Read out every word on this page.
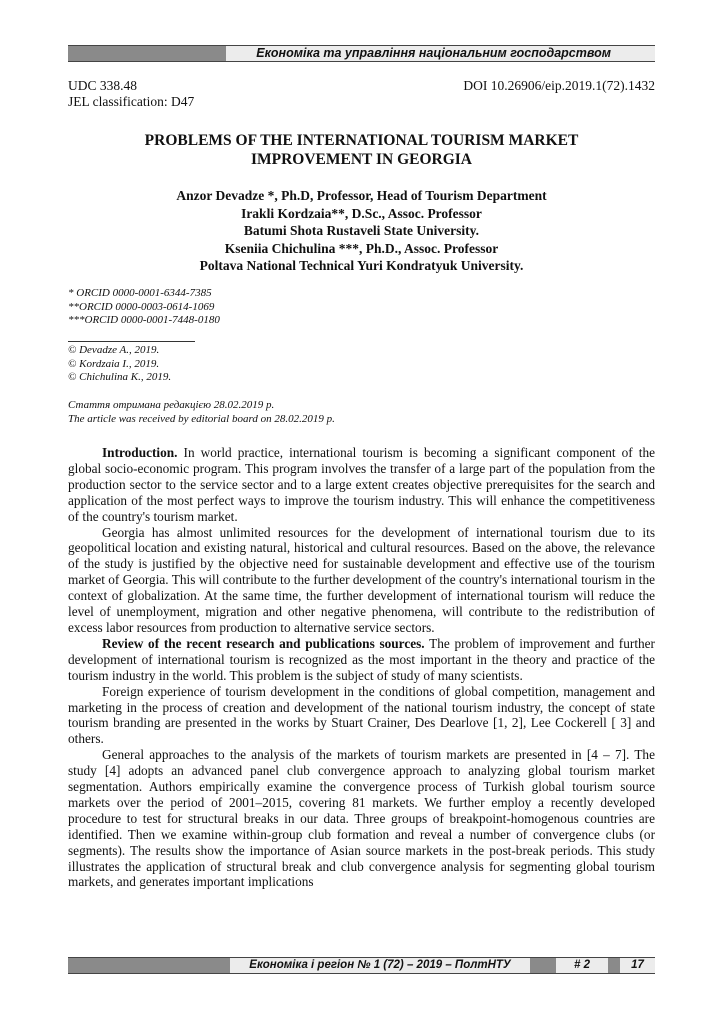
Економіка та управління національним господарством
UDC 338.48
JEL classification: D47
DOI 10.26906/eip.2019.1(72).1432
PROBLEMS OF THE INTERNATIONAL TOURISM MARKET
IMPROVEMENT IN GEORGIA
Anzor Devadze *, Ph.D, Professor, Head of Tourism Department
Irakli Kordzaia**, D.Sc., Assoc. Professor
Batumi Shota Rustaveli State University.
Kseniia Chichulina ***, Ph.D., Assoc. Professor
Poltava National Technical Yuri Kondratyuk University.
* ORCID 0000-0001-6344-7385
**ORCID 0000-0003-0614-1069
***ORCID 0000-0001-7448-0180
© Devadze A., 2019.
© Kordzaia I., 2019.
© Chichulina K., 2019.
Стаття отримана редакцією 28.02.2019 р.
The article was received by editorial board on 28.02.2019 р.

Introduction. In world practice, international tourism is becoming a significant component of the global socio-economic program. This program involves the transfer of a large part of the population from the production sector to the service sector and to a large extent creates objective prerequisites for the search and application of the most perfect ways to improve the tourism industry. This will enhance the competitiveness of the country's tourism market.

Georgia has almost unlimited resources for the development of international tourism due to its geopolitical location and existing natural, historical and cultural resources. Based on the above, the relevance of the study is justified by the objective need for sustainable development and effective use of the tourism market of Georgia. This will contribute to the further development of the country's international tourism in the context of globalization. At the same time, the further development of international tourism will reduce the level of unemployment, migration and other negative phenomena, will contribute to the redistribution of excess labor resources from production to alternative service sectors.

Review of the recent research and publications sources. The problem of improvement and further development of international tourism is recognized as the most important in the theory and practice of the tourism industry in the world. This problem is the subject of study of many scientists.

Foreign experience of tourism development in the conditions of global competition, management and marketing in the process of creation and development of the national tourism industry, the concept of state tourism branding are presented in the works by Stuart Crainer, Des Dearlove [1, 2], Lee Cockerell [ 3] and others.

General approaches to the analysis of the markets of tourism markets are presented in [4 – 7]. The study [4] adopts an advanced panel club convergence approach to analyzing global tourism market segmentation. Authors empirically examine the convergence process of Turkish global tourism source markets over the period of 2001–2015, covering 81 markets. We further employ a recently developed procedure to test for structural breaks in our data. Three groups of breakpoint-homogenous countries are identified. Then we examine within-group club formation and reveal a number of convergence clubs (or segments). The results show the importance of Asian source markets in the post-break periods. This study illustrates the application of structural break and club convergence analysis for segmenting global tourism markets, and generates important implications

Економіка і регіон № 1 (72) – 2019 – ПолтНТУ	# 2	17
